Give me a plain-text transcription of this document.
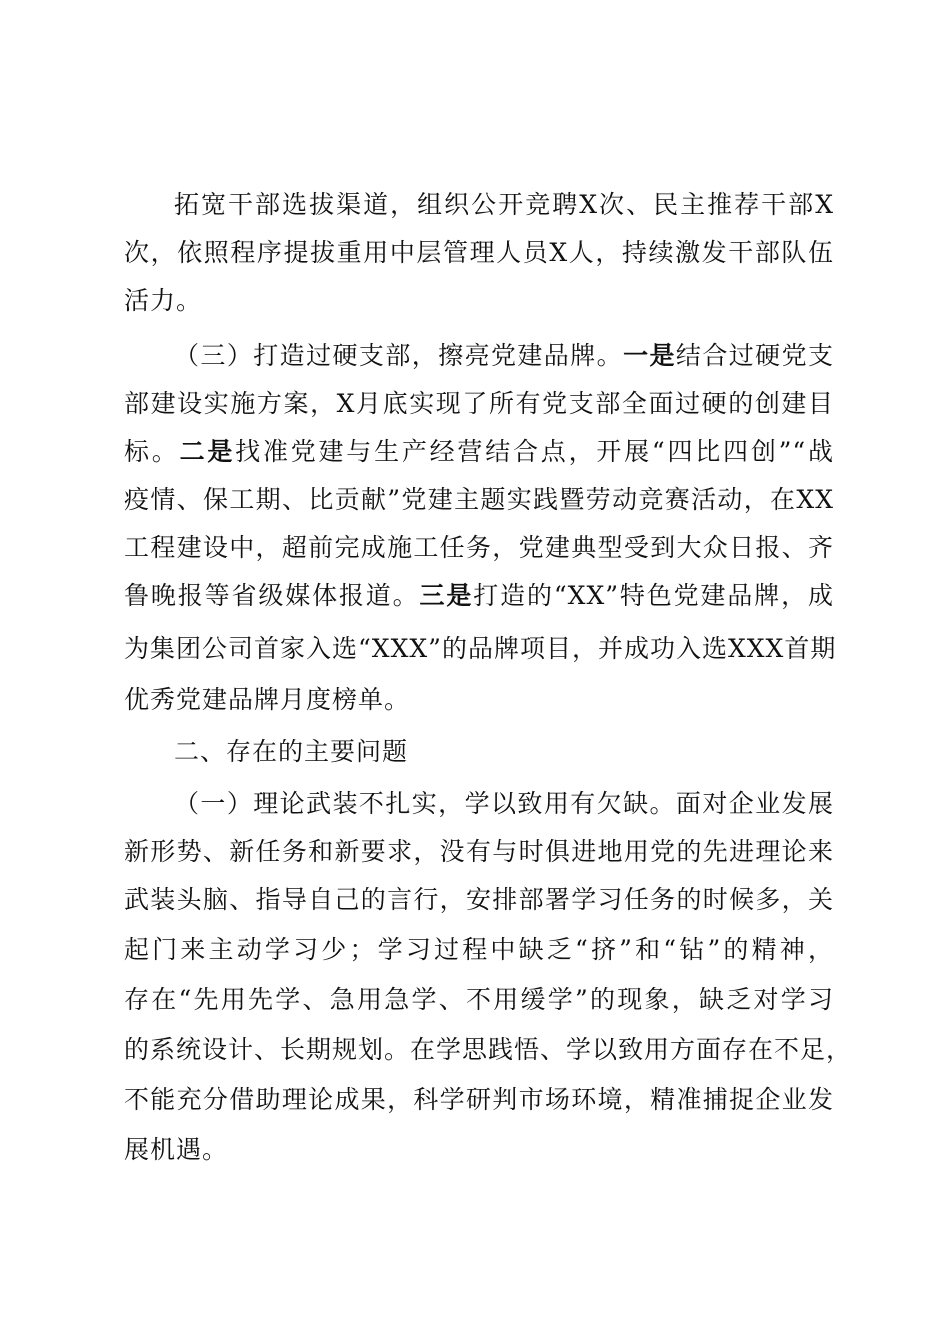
拓宽干部选拔渠道，组织公开竞聘X次、民主推荐干部X
次，依照程序提拔重用中层管理人员X人，持续激发干部队伍
活力。
（三）打造过硬支部，擦亮党建品牌。一是结合过硬党支
部建设实施方案，X月底实现了所有党支部全面过硬的创建目
标。二是找准党建与生产经营结合点，开展“四比四创”“战
疫情、保工期、比贡献”党建主题实践暨劳动竞赛活动，在XX
工程建设中，超前完成施工任务，党建典型受到大众日报、齐
鲁晚报等省级媒体报道。三是打造的“XX”特色党建品牌，成
为集团公司首家入选“XXX”的品牌项目，并成功入选XXX首期
优秀党建品牌月度榜单。
二、存在的主要问题
（一）理论武装不扎实，学以致用有欠缺。面对企业发展
新形势、新任务和新要求，没有与时俱进地用党的先进理论来
武装头脑、指导自己的言行，安排部署学习任务的时候多，关
起门来主动学习少；学习过程中缺乏“挤”和“钻”的精神，
存在“先用先学、急用急学、不用缓学”的现象，缺乏对学习
的系统设计、长期规划。在学思践悟、学以致用方面存在不足，
不能充分借助理论成果，科学研判市场环境，精准捕捉企业发
展机遇。
